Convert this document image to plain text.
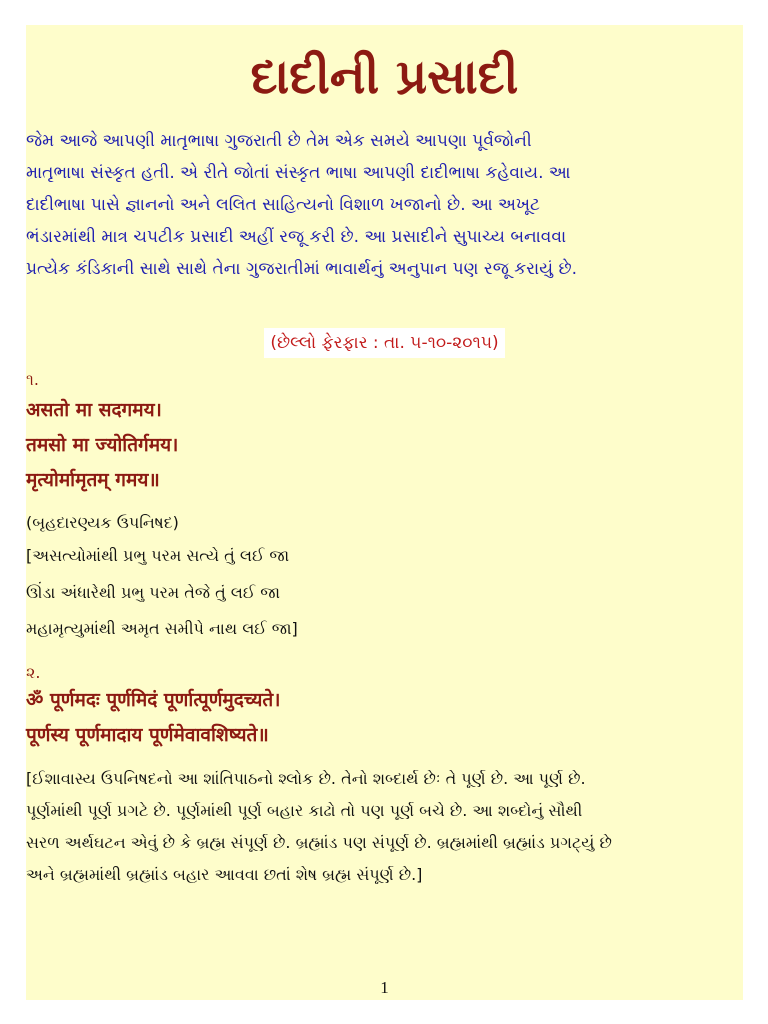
દાદીની પ્રસાદી
જેમ આજે આપણી માતૃભાષા ગુજરાતી છે તેમ એક સમયે આપણા પૂર્વજોની
માતૃભાષા સંસ્કૃત હતી. એ રીતે જોતાં સંસ્કૃત ભાષા આપણી દાદીભાષા કહેવાય. આ
દાદીભાષા પાસે જ્ઞાનનો અને લલિત સાહિત્યનો વિશાળ ખજાનો છે. આ અખૂટ
ભંડારમાંથી માત્ર ચપટીક પ્રસાદી અહીં રજૂ કરી છે. આ પ્રસાદીને સુપાચ્ય બનાવવા
પ્રત્યેક કંડિકાની સાથે સાથે તેના ગુજરાતીમાં ભાવાર્થનું અનુપાન પણ રજૂ કરાયું છે.
(છેલ્લો ફેરફાર : તા. ૫-૧૦-૨૦૧૫)
૧.
असतो मा सदगमय।
तमसो मा ज्योतिर्गमय।
मृत्योर्मामृतम् गमय॥
(બૃહદારણ્યક ઉપનિષદ)
[અસત્યોમાંથી પ્રભુ પરમ સત્યે તું લઈ જા
ઊંડા અંધારેથી પ્રભુ પરમ તેજે તું લઈ જા
મહામૃત્યુમાંથી અમૃત સમીપે નાથ લઈ જા]
૨.
ॐ पूर्णमदः पूर्णमिदं पूर्णात्पूर्णमुदच्यते।
पूर्णस्य पूर्णमादाय पूर्णमेवावशिष्यते॥
[ઈશાવાસ્ય ઉપનિષદનો આ શાંતિપાઠનો શ્લોક છે. તેનો શબ્દાર્થ છેઃ તે પૂર્ણ છે. આ પૂર્ણ છે.
પૂર્ણમાંથી પૂર્ણ પ્રગટે છે. પૂર્ણમાંથી પૂર્ણ બહાર કાઢો તો પણ પૂર્ણ બચે છે. આ શબ્દોનું સૌથી
સરળ અર્થઘટન એવું છે કે બ્રહ્મ સંપૂર્ણ છે. બ્રહ્માંડ પણ સંપૂર્ણ છે. બ્રહ્મમાંથી બ્રહ્માંડ પ્રગટ્યું છે
અને બ્રહ્મમાંથી બ્રહ્માંડ બહાર આવવા છતાં શેષ બ્રહ્મ સંપૂર્ણ છે.]
1
